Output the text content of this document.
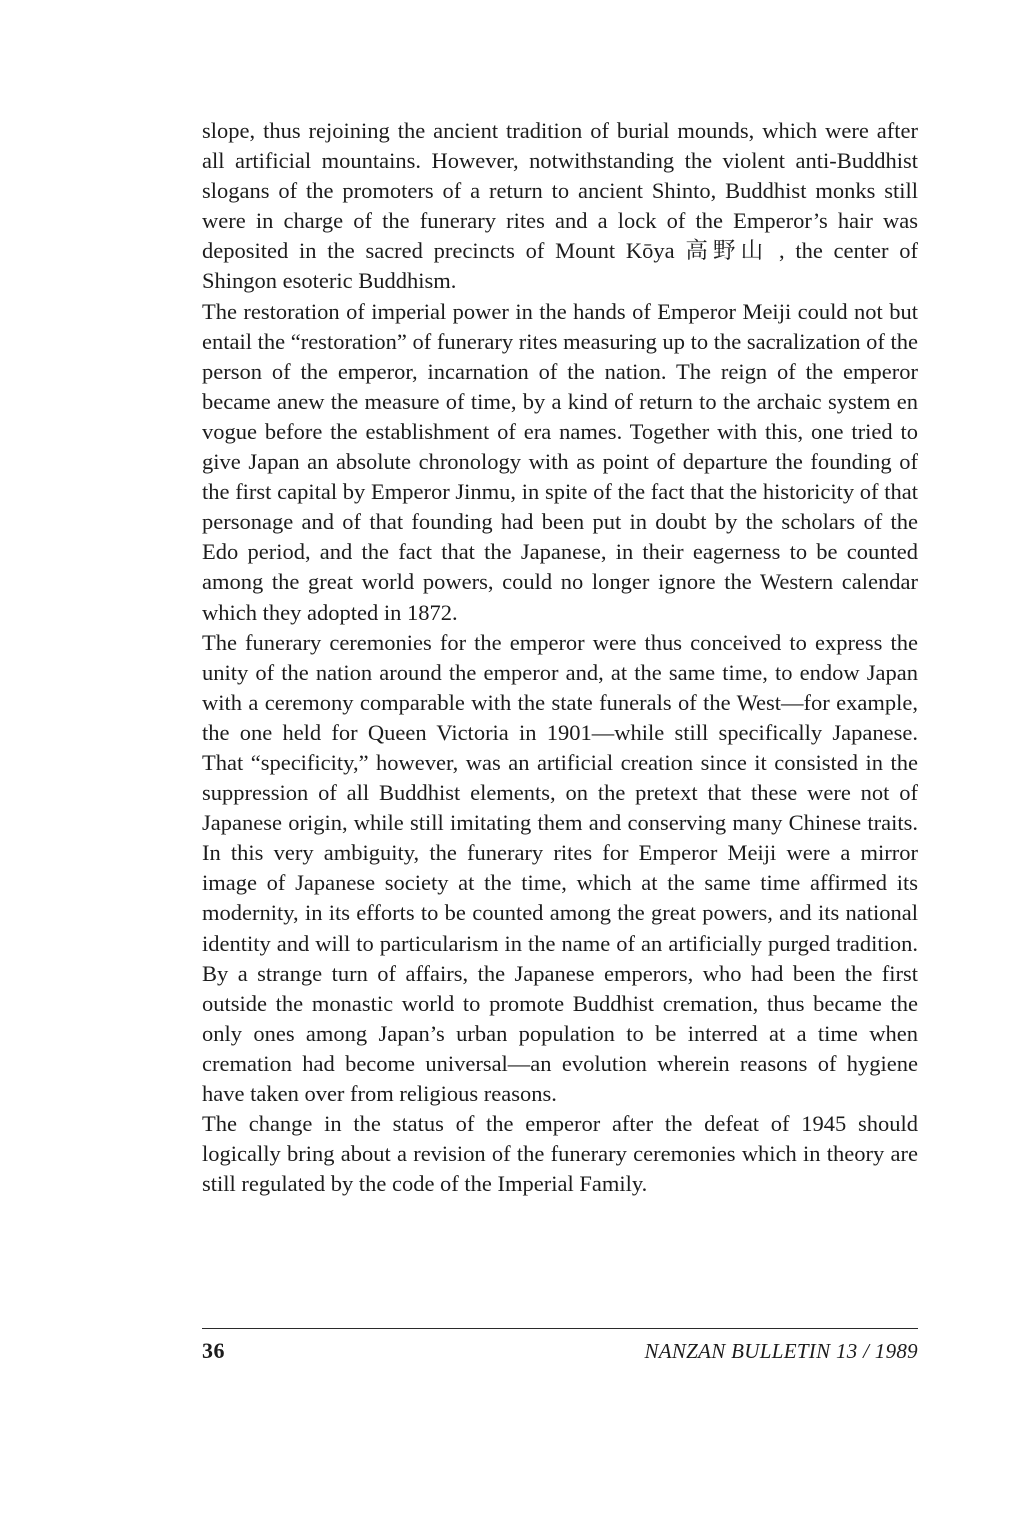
slope, thus rejoining the ancient tradition of burial mounds, which were after all artificial mountains. However, notwithstanding the violent anti-Buddhist slogans of the promoters of a return to ancient Shinto, Buddhist monks still were in charge of the funerary rites and a lock of the Emperor’s hair was deposited in the sacred precincts of Mount Kōya 高野山 , the center of Shingon esoteric Buddhism.

The restoration of imperial power in the hands of Emperor Meiji could not but entail the “restoration” of funerary rites measuring up to the sacralization of the person of the emperor, incarnation of the nation. The reign of the emperor became anew the measure of time, by a kind of return to the archaic system en vogue before the establishment of era names. Together with this, one tried to give Japan an absolute chronology with as point of departure the founding of the first capital by Emperor Jinmu, in spite of the fact that the historicity of that personage and of that founding had been put in doubt by the scholars of the Edo period, and the fact that the Japanese, in their eagerness to be counted among the great world powers, could no longer ignore the Western calendar which they adopted in 1872.

The funerary ceremonies for the emperor were thus conceived to express the unity of the nation around the emperor and, at the same time, to endow Japan with a ceremony comparable with the state funerals of the West—for example, the one held for Queen Victoria in 1901—while still specifically Japanese. That “specificity,” however, was an artificial creation since it consisted in the suppression of all Buddhist elements, on the pretext that these were not of Japanese origin, while still imitating them and conserving many Chinese traits. In this very ambiguity, the funerary rites for Emperor Meiji were a mirror image of Japanese society at the time, which at the same time affirmed its modernity, in its efforts to be counted among the great powers, and its national identity and will to particularism in the name of an artificially purged tradition. By a strange turn of affairs, the Japanese emperors, who had been the first outside the monastic world to promote Buddhist cremation, thus became the only ones among Japan’s urban population to be interred at a time when cremation had become universal—an evolution wherein reasons of hygiene have taken over from religious reasons.

The change in the status of the emperor after the defeat of 1945 should logically bring about a revision of the funerary ceremonies which in theory are still regulated by the code of the Imperial Family.

36	NANZAN BULLETIN 13 / 1989
